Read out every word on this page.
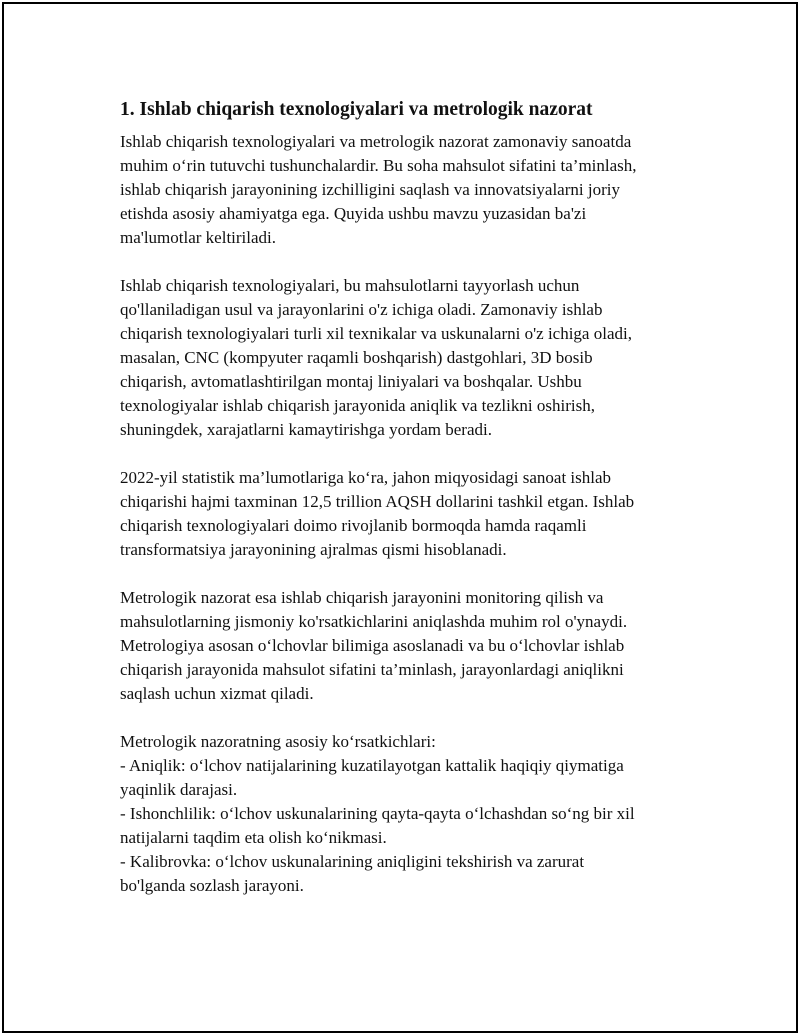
1. Ishlab chiqarish texnologiyalari va metrologik nazorat

Ishlab chiqarish texnologiyalari va metrologik nazorat zamonaviy sanoatda
muhim o‘rin tutuvchi tushunchalardir. Bu soha mahsulot sifatini ta’minlash,
ishlab chiqarish jarayonining izchilligini saqlash va innovatsiyalarni joriy
etishda asosiy ahamiyatga ega. Quyida ushbu mavzu yuzasidan ba'zi
ma'lumotlar keltiriladi.

Ishlab chiqarish texnologiyalari, bu mahsulotlarni tayyorlash uchun
qo'llaniladigan usul va jarayonlarini o'z ichiga oladi. Zamonaviy ishlab
chiqarish texnologiyalari turli xil texnikalar va uskunalarni o'z ichiga oladi,
masalan, CNC (kompyuter raqamli boshqarish) dastgohlari, 3D bosib
chiqarish, avtomatlashtirilgan montaj liniyalari va boshqalar. Ushbu
texnologiyalar ishlab chiqarish jarayonida aniqlik va tezlikni oshirish,
shuningdek, xarajatlarni kamaytirishga yordam beradi.

2022-yil statistik ma’lumotlariga ko‘ra, jahon miqyosidagi sanoat ishlab
chiqarishi hajmi taxminan 12,5 trillion AQSH dollarini tashkil etgan. Ishlab
chiqarish texnologiyalari doimo rivojlanib bormoqda hamda raqamli
transformatsiya jarayonining ajralmas qismi hisoblanadi.

Metrologik nazorat esa ishlab chiqarish jarayonini monitoring qilish va
mahsulotlarning jismoniy ko'rsatkichlarini aniqlashda muhim rol o'ynaydi.
Metrologiya asosan o‘lchovlar bilimiga asoslanadi va bu o‘lchovlar ishlab
chiqarish jarayonida mahsulot sifatini ta’minlash, jarayonlardagi aniqlikni
saqlash uchun xizmat qiladi.

Metrologik nazoratning asosiy ko‘rsatkichlari:
- Aniqlik: o‘lchov natijalarining kuzatilayotgan kattalik haqiqiy qiymatiga
yaqinlik darajasi.
- Ishonchlilik: o‘lchov uskunalarining qayta-qayta o‘lchashdan so‘ng bir xil
natijalarni taqdim eta olish ko‘nikmasi.
- Kalibrovka: o‘lchov uskunalarining aniqligini tekshirish va zarurat
bo'lganda sozlash jarayoni.
